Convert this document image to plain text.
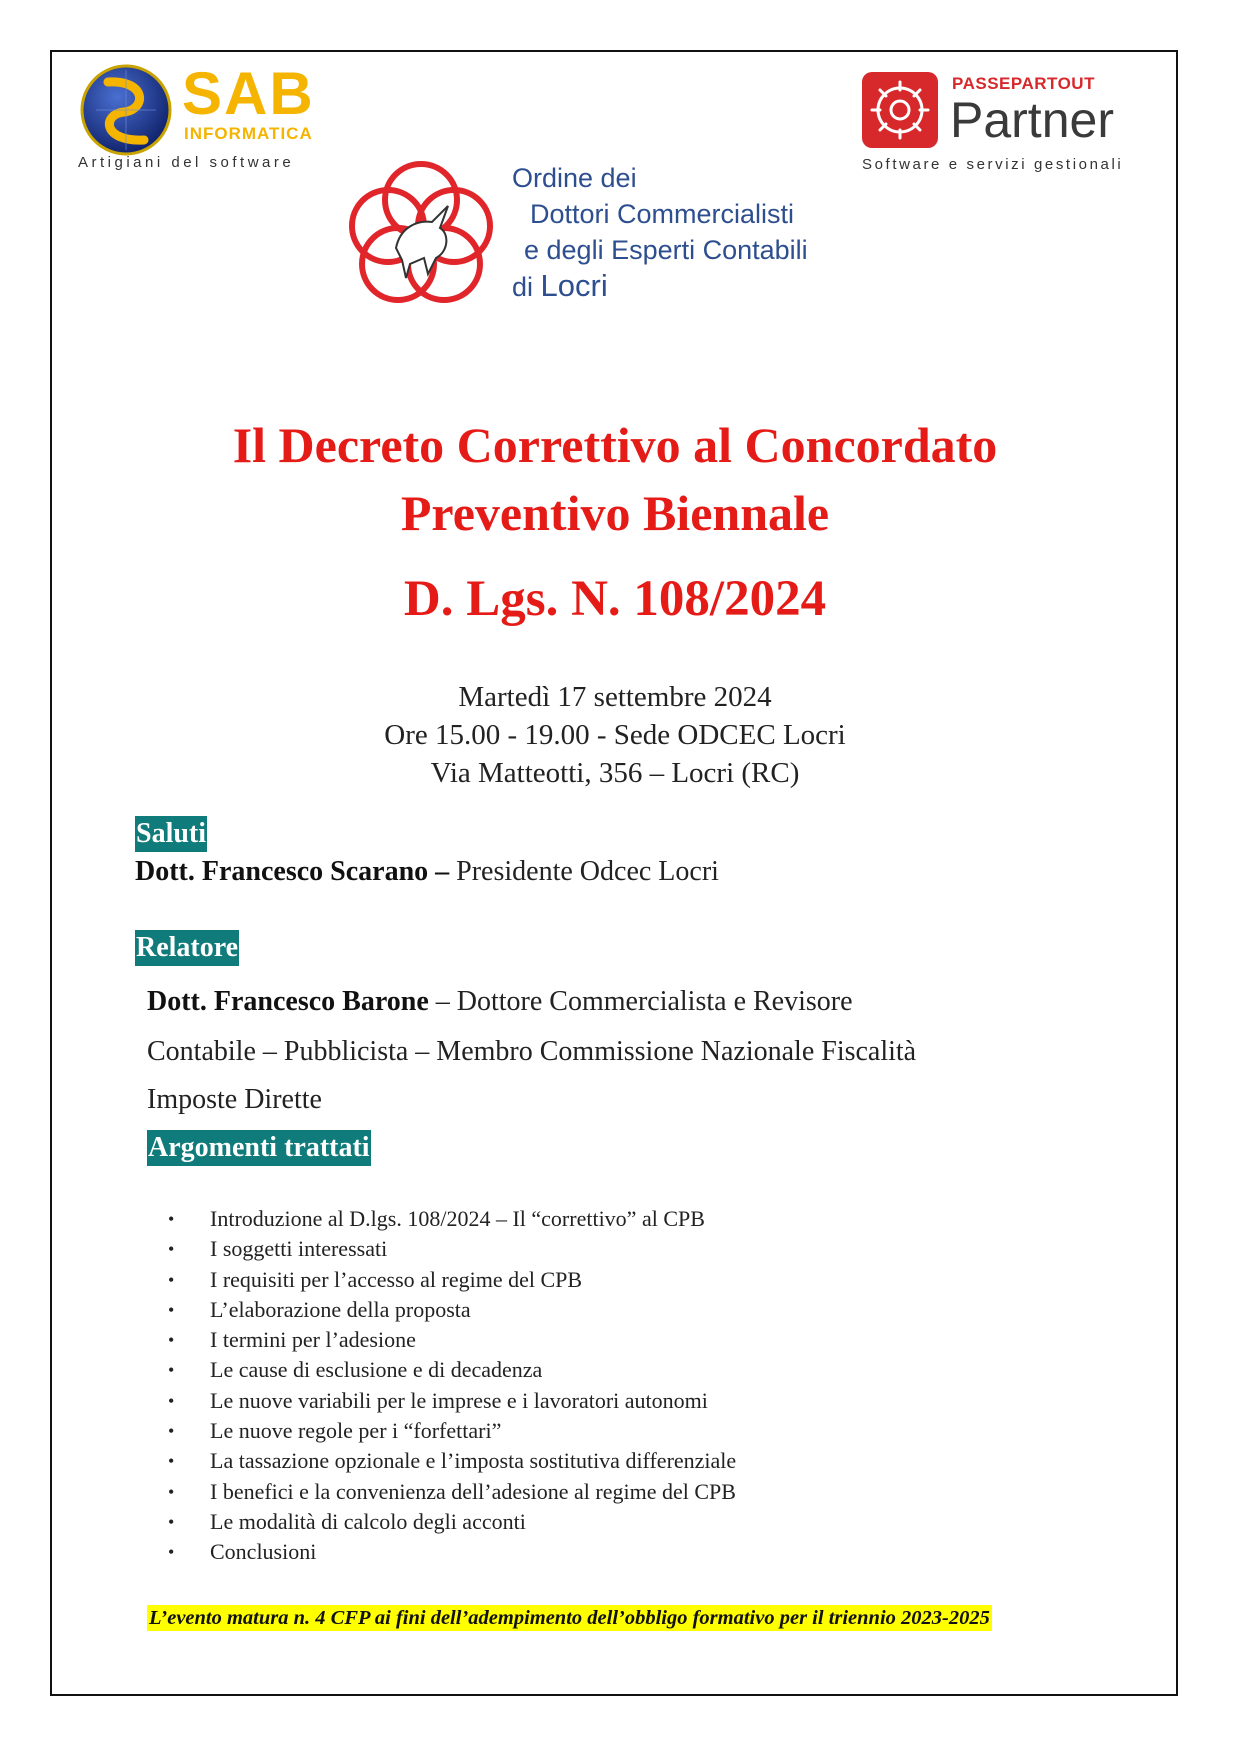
SAB
INFORMATICA
Artigiani del software
PASSEPARTOUT
Partner
Software e servizi gestionali
Ordine dei
Dottori Commercialisti
e degli Esperti Contabili
di Locri
Il Decreto Correttivo al Concordato
Preventivo Biennale
D. Lgs. N. 108/2024
Martedì 17 settembre 2024
Ore 15.00 - 19.00 - Sede ODCEC Locri
Via Matteotti, 356 – Locri (RC)
Saluti
Dott. Francesco Scarano – Presidente Odcec Locri
Relatore
Dott. Francesco Barone – Dottore Commercialista e Revisore
Contabile – Pubblicista – Membro Commissione Nazionale Fiscalità
Imposte Dirette
Argomenti trattati
• Introduzione al D.lgs. 108/2024 – Il “correttivo” al CPB
• I soggetti interessati
• I requisiti per l’accesso al regime del CPB
• L’elaborazione della proposta
• I termini per l’adesione
• Le cause di esclusione e di decadenza
• Le nuove variabili per le imprese e i lavoratori autonomi
• Le nuove regole per i “forfettari”
• La tassazione opzionale e l’imposta sostitutiva differenziale
• I benefici e la convenienza dell’adesione al regime del CPB
• Le modalità di calcolo degli acconti
• Conclusioni
L’evento matura n. 4 CFP ai fini dell’adempimento dell’obbligo formativo per il triennio 2023-2025
